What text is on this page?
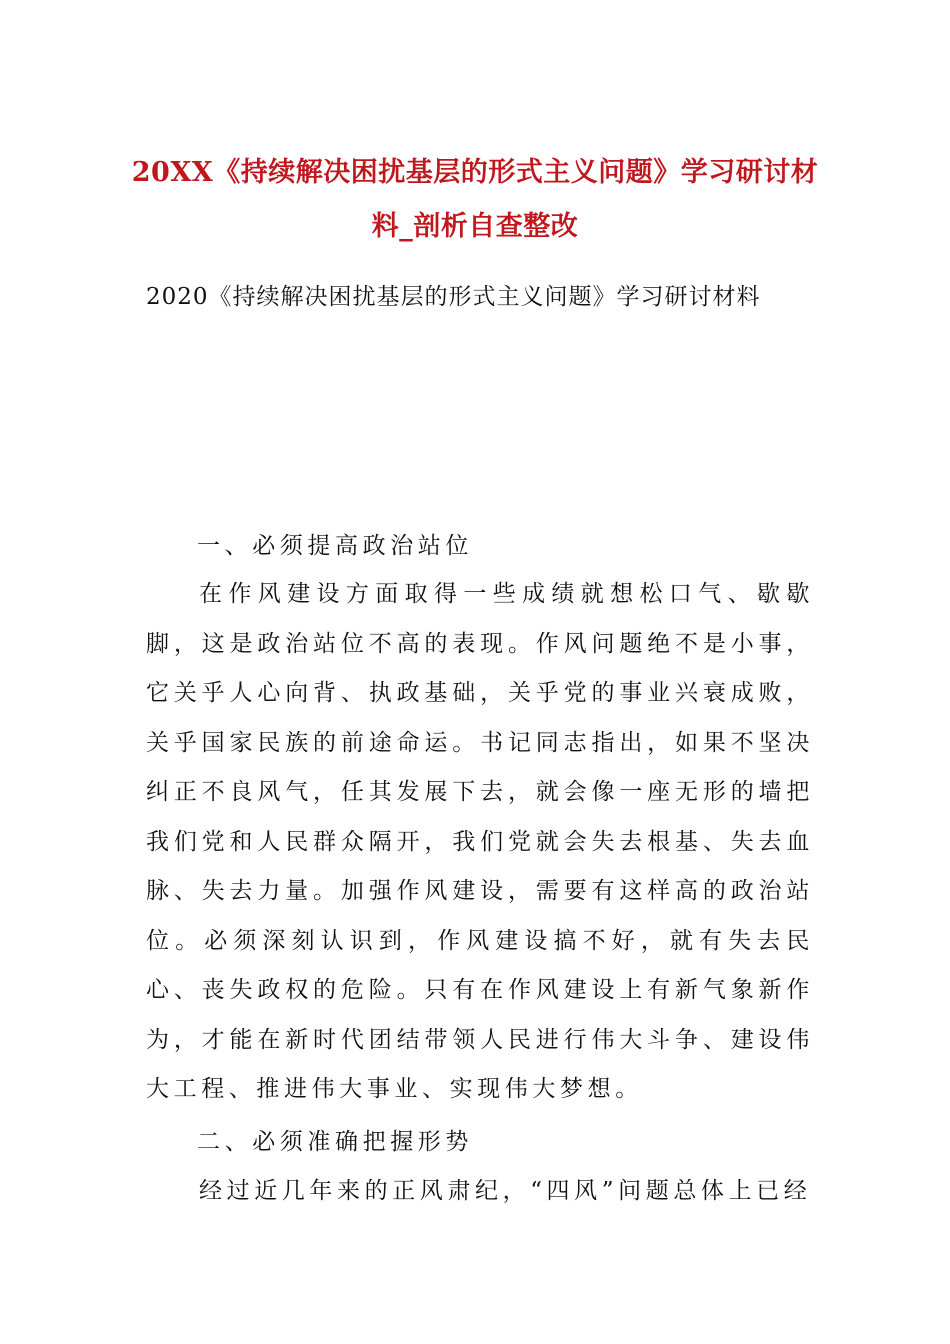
20XX《持续解决困扰基层的形式主义问题》学习研讨材料_剖析自查整改

2020《持续解决困扰基层的形式主义问题》学习研讨材料

一、必须提高政治站位

在作风建设方面取得一些成绩就想松口气、歇歇脚，这是政治站位不高的表现。作风问题绝不是小事，它关乎人心向背、执政基础，关乎党的事业兴衰成败，关乎国家民族的前途命运。书记同志指出，如果不坚决纠正不良风气，任其发展下去，就会像一座无形的墙把我们党和人民群众隔开，我们党就会失去根基、失去血脉、失去力量。加强作风建设，需要有这样高的政治站位。必须深刻认识到，作风建设搞不好，就有失去民心、丧失政权的危险。只有在作风建设上有新气象新作为，才能在新时代团结带领人民进行伟大斗争、建设伟大工程、推进伟大事业、实现伟大梦想。

二、必须准确把握形势

经过近几年来的正风肃纪，“四风”问题总体上已经
